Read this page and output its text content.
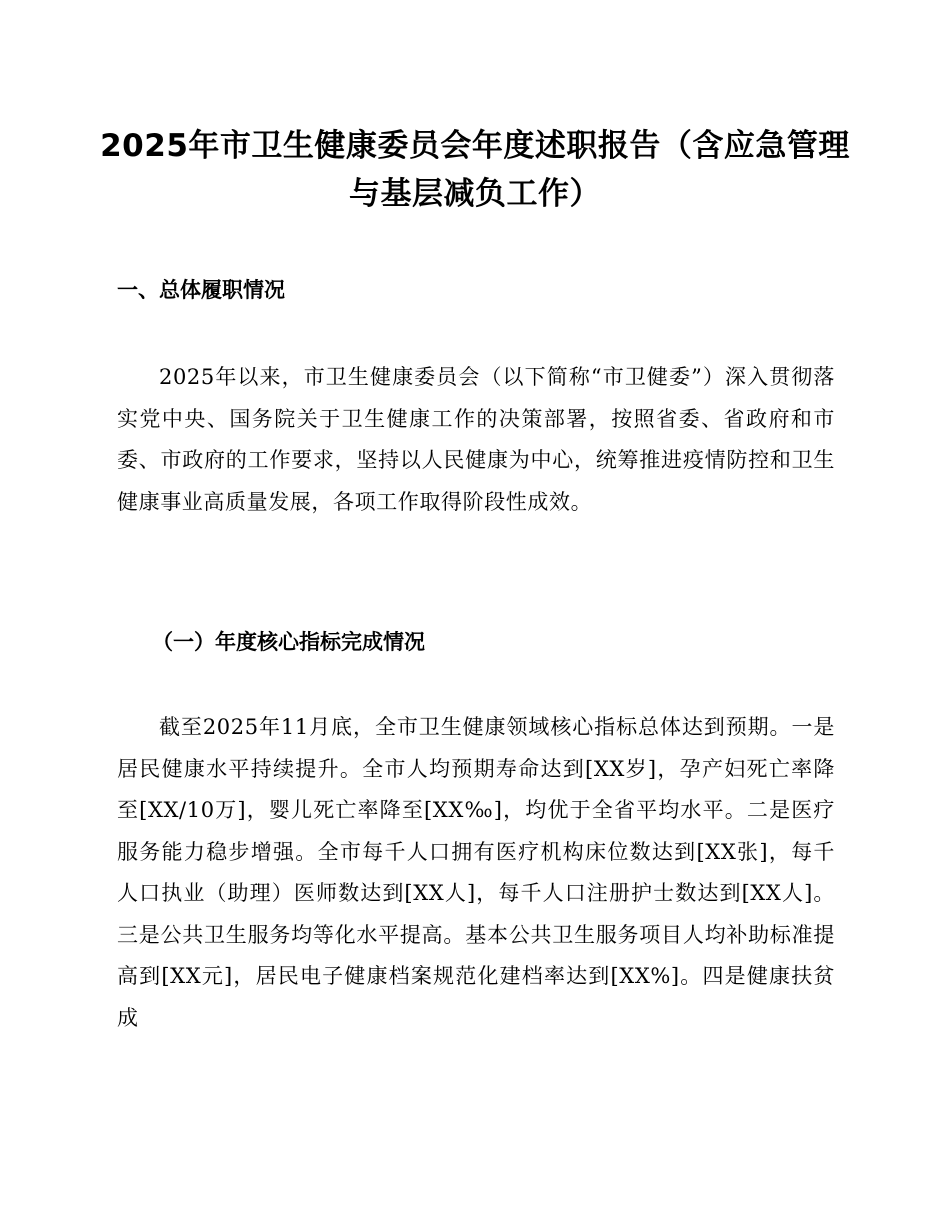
2025年市卫生健康委员会年度述职报告（含应急管理与基层减负工作）
一、总体履职情况

2025年以来，市卫生健康委员会（以下简称“市卫健委”）深入贯彻落实党中央、国务院关于卫生健康工作的决策部署，按照省委、省政府和市委、市政府的工作要求，坚持以人民健康为中心，统筹推进疫情防控和卫生健康事业高质量发展，各项工作取得阶段性成效。

（一）年度核心指标完成情况

截至2025年11月底，全市卫生健康领域核心指标总体达到预期。一是居民健康水平持续提升。全市人均预期寿命达到[XX岁]，孕产妇死亡率降至[XX/10万]，婴儿死亡率降至[XX‰]，均优于全省平均水平。二是医疗服务能力稳步增强。全市每千人口拥有医疗机构床位数达到[XX张]，每千人口执业（助理）医师数达到[XX人]，每千人口注册护士数达到[XX人]。三是公共卫生服务均等化水平提高。基本公共卫生服务项目人均补助标准提高到[XX元]，居民电子健康档案规范化建档率达到[XX%]。四是健康扶贫成
